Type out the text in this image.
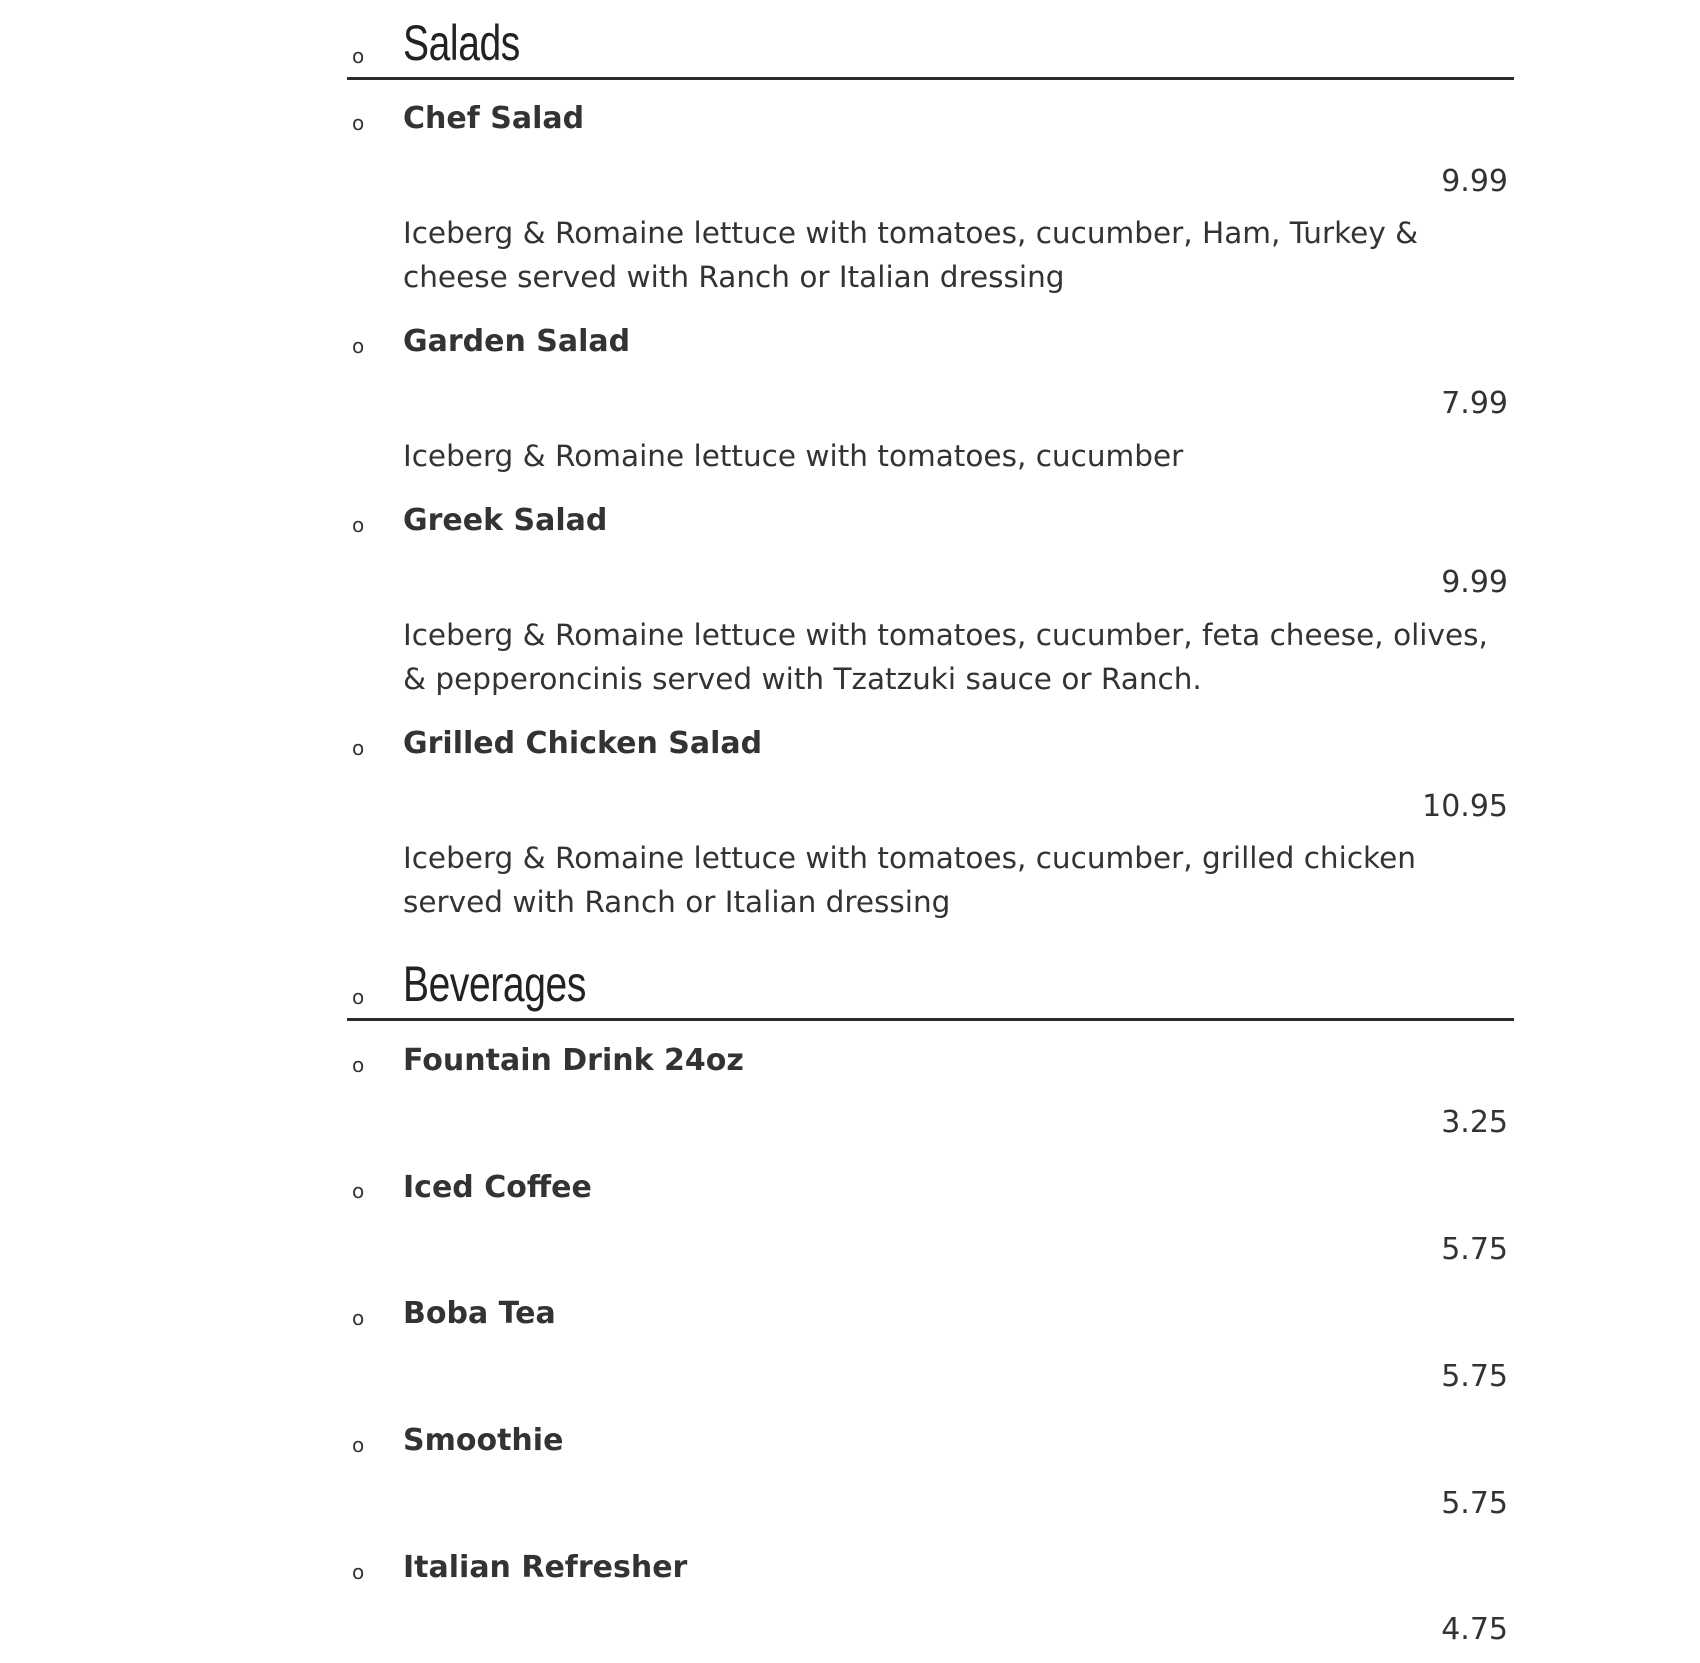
o Salads
o Chef Salad
9.99
Iceberg & Romaine lettuce with tomatoes, cucumber, Ham, Turkey &
cheese served with Ranch or Italian dressing
o Garden Salad
7.99
Iceberg & Romaine lettuce with tomatoes, cucumber
o Greek Salad
9.99
Iceberg & Romaine lettuce with tomatoes, cucumber, feta cheese, olives,
& pepperoncinis served with Tzatzuki sauce or Ranch.
o Grilled Chicken Salad
10.95
Iceberg & Romaine lettuce with tomatoes, cucumber, grilled chicken
served with Ranch or Italian dressing
o Beverages
o Fountain Drink 24oz
3.25
o Iced Coffee
5.75
o Boba Tea
5.75
o Smoothie
5.75
o Italian Refresher
4.75
